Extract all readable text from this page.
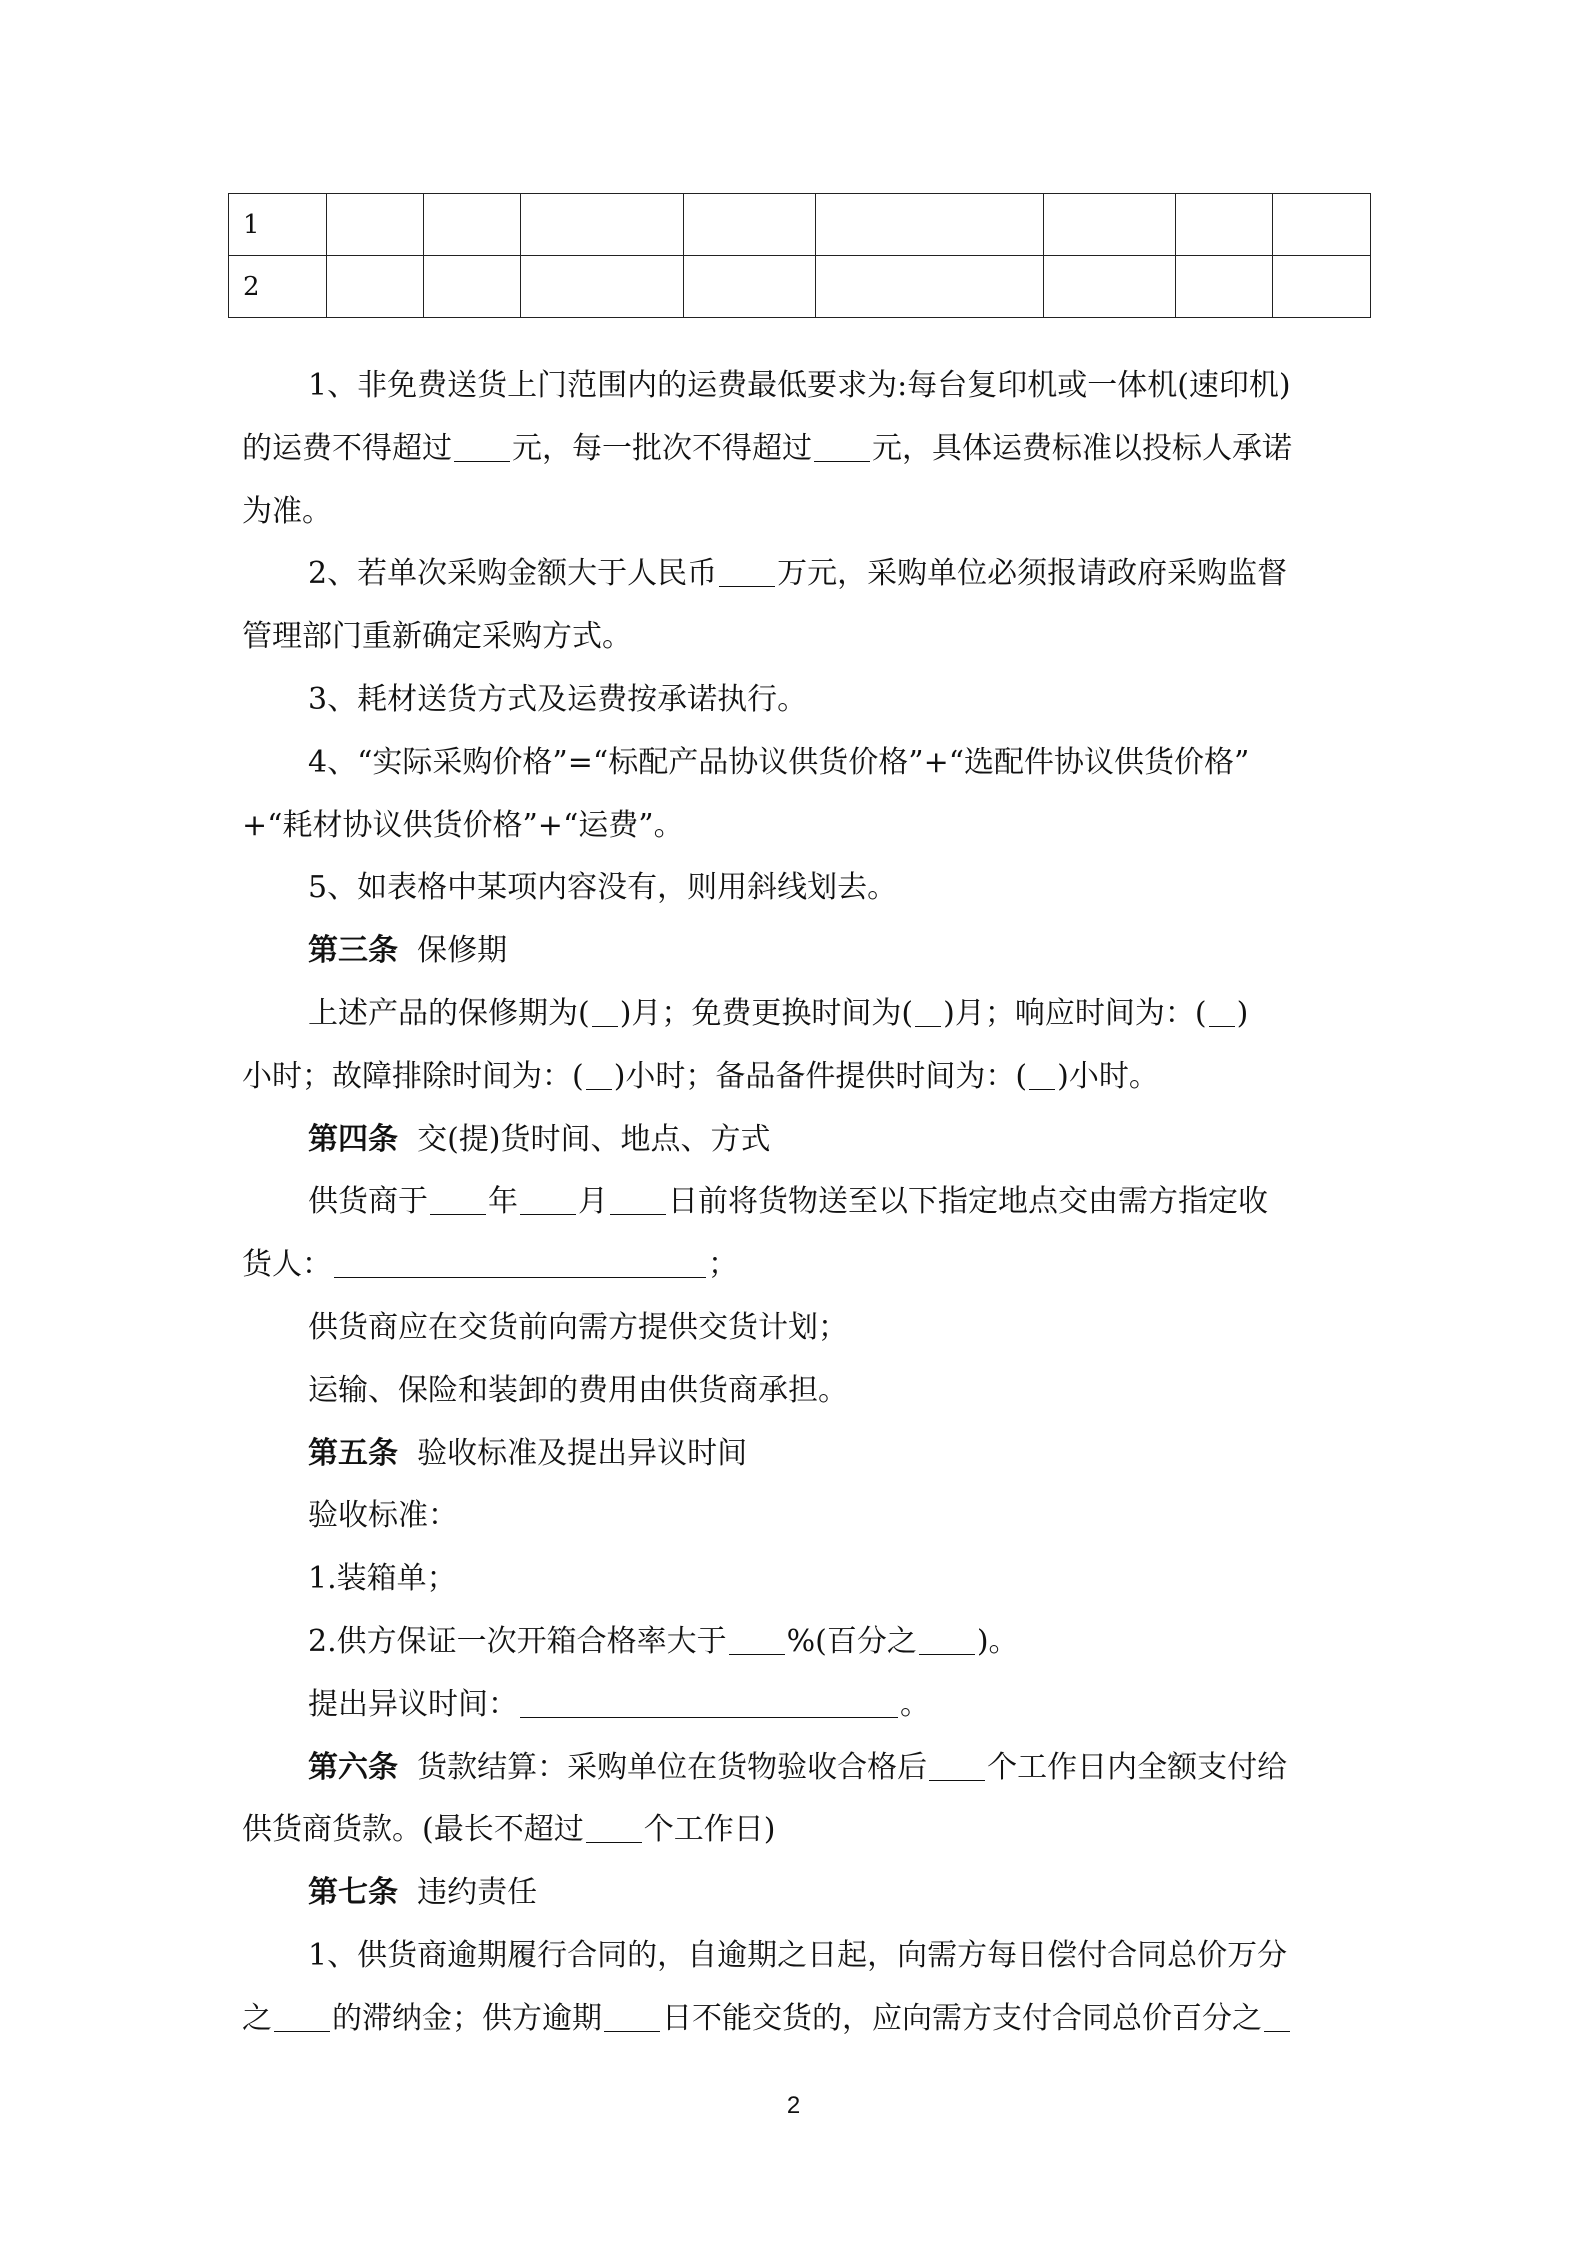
1								
2								

1、非免费送货上门范围内的运费最低要求为:每台复印机或一体机(速印机)

的运费不得超过 元，每一批次不得超过 元，具体运费标准以投标人承诺

为准。

2、若单次采购金额大于人民币 万元，采购单位必须报请政府采购监督

管理部门重新确定采购方式。

3、耗材送货方式及运费按承诺执行。

4、“实际采购价格”=“标配产品协议供货价格”+“选配件协议供货价格”

+“耗材协议供货价格”+“运费”。

5、如表格中某项内容没有，则用斜线划去。

第三条 保修期

上述产品的保修期为( )月；免费更换时间为( )月；响应时间为：( )

小时；故障排除时间为：( )小时；备品备件提供时间为：( )小时。

第四条 交(提)货时间、地点、方式

供货商于 年 月 日前将货物送至以下指定地点交由需方指定收

货人：	；

供货商应在交货前向需方提供交货计划；

运输、保险和装卸的费用由供货商承担。

第五条 验收标准及提出异议时间

验收标准：

1.装箱单；

2.供方保证一次开箱合格率大于 %(百分之 )。

提出异议时间：	。

第六条 货款结算：采购单位在货物验收合格后 个工作日内全额支付给

供货商货款。(最长不超过 个工作日)

第七条 违约责任

1、供货商逾期履行合同的，自逾期之日起，向需方每日偿付合同总价万分

之 的滞纳金；供方逾期 日不能交货的，应向需方支付合同总价百分之

2
